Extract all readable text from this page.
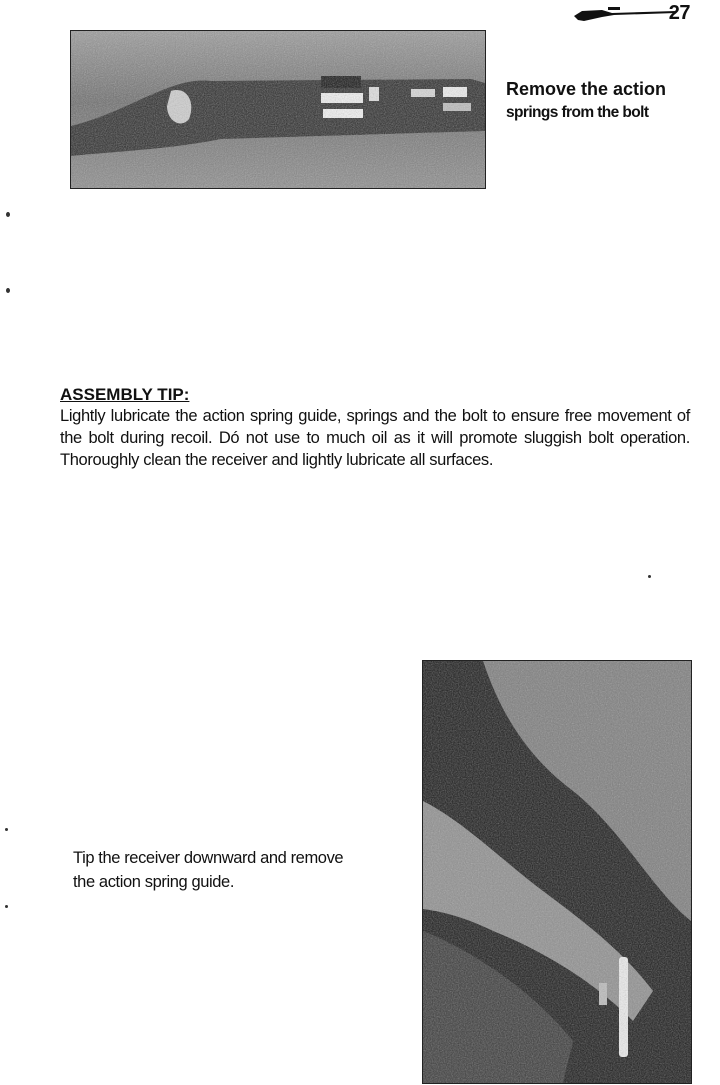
27
Remove the action
springs from the bolt
ASSEMBLY TIP:

Lightly lubricate the action spring guide, springs and the bolt to ensure free movement of the bolt during recoil. Dó not use to much oil as it will promote sluggish bolt operation. Thoroughly clean the receiver and lightly lubricate all surfaces.

Tip the receiver downward and remove
the action spring guide.
